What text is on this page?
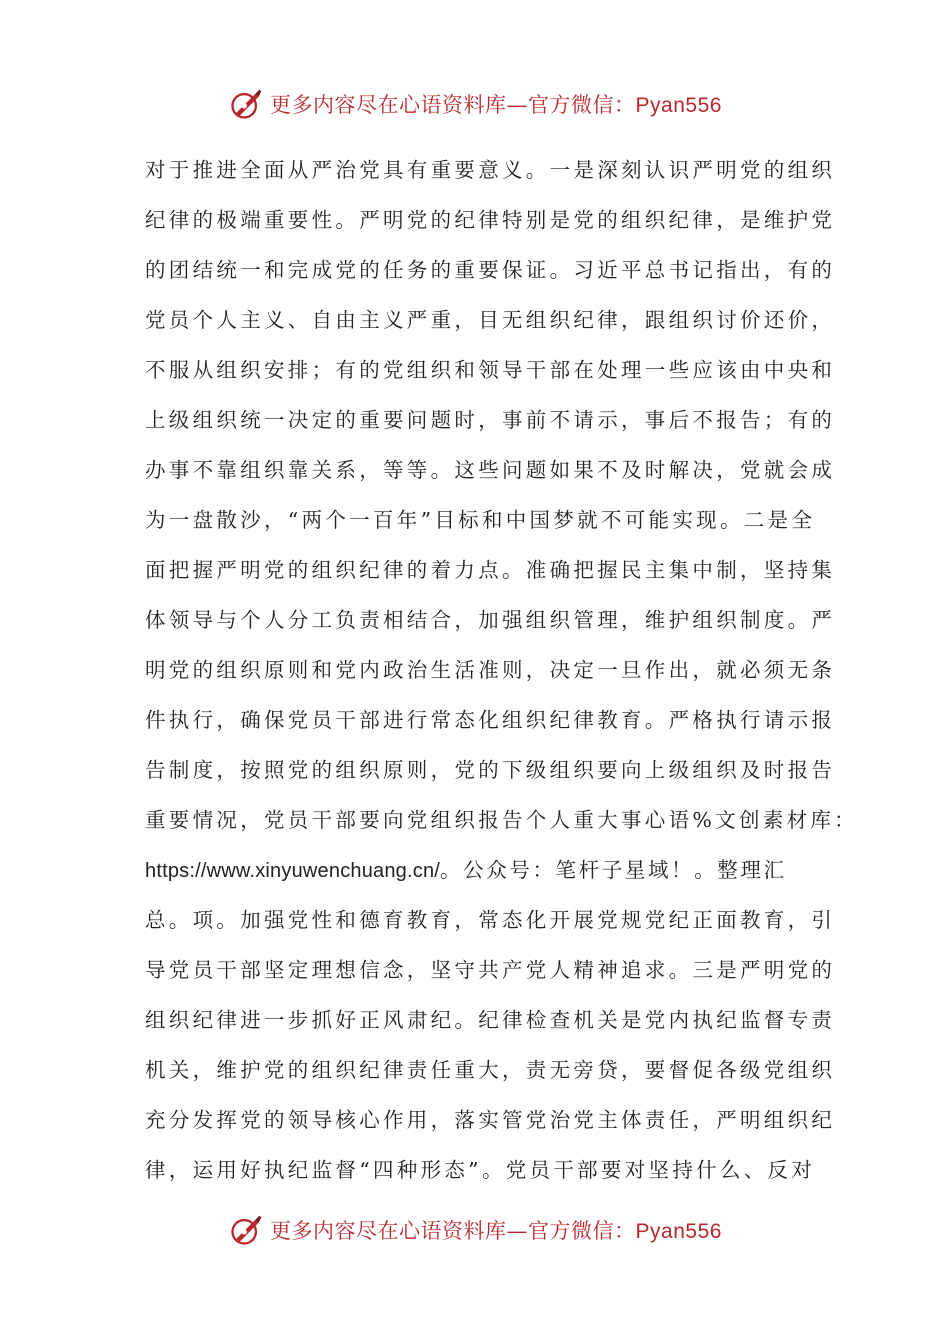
更多内容尽在心语资料库—官方微信：Pyan556
对于推进全面从严治党具有重要意义。一是深刻认识严明党的组织
纪律的极端重要性。严明党的纪律特别是党的组织纪律，是维护党
的团结统一和完成党的任务的重要保证。习近平总书记指出，有的
党员个人主义、自由主义严重，目无组织纪律，跟组织讨价还价，
不服从组织安排；有的党组织和领导干部在处理一些应该由中央和
上级组织统一决定的重要问题时，事前不请示，事后不报告；有的
办事不靠组织靠关系，等等。这些问题如果不及时解决，党就会成
为一盘散沙，“两个一百年”目标和中国梦就不可能实现。二是全
面把握严明党的组织纪律的着力点。准确把握民主集中制，坚持集
体领导与个人分工负责相结合，加强组织管理，维护组织制度。严
明党的组织原则和党内政治生活准则，决定一旦作出，就必须无条
件执行，确保党员干部进行常态化组织纪律教育。严格执行请示报
告制度，按照党的组织原则，党的下级组织要向上级组织及时报告
重要情况，党员干部要向党组织报告个人重大事心语%文创素材库：
https://www.xinyuwenchuang.cn/。公众号：笔杆子星域！。整理汇
总。项。加强党性和德育教育，常态化开展党规党纪正面教育，引
导党员干部坚定理想信念，坚守共产党人精神追求。三是严明党的
组织纪律进一步抓好正风肃纪。纪律检查机关是党内执纪监督专责
机关，维护党的组织纪律责任重大，责无旁贷，要督促各级党组织
充分发挥党的领导核心作用，落实管党治党主体责任，严明组织纪
律，运用好执纪监督“四种形态”。党员干部要对坚持什么、反对
更多内容尽在心语资料库—官方微信：Pyan556
